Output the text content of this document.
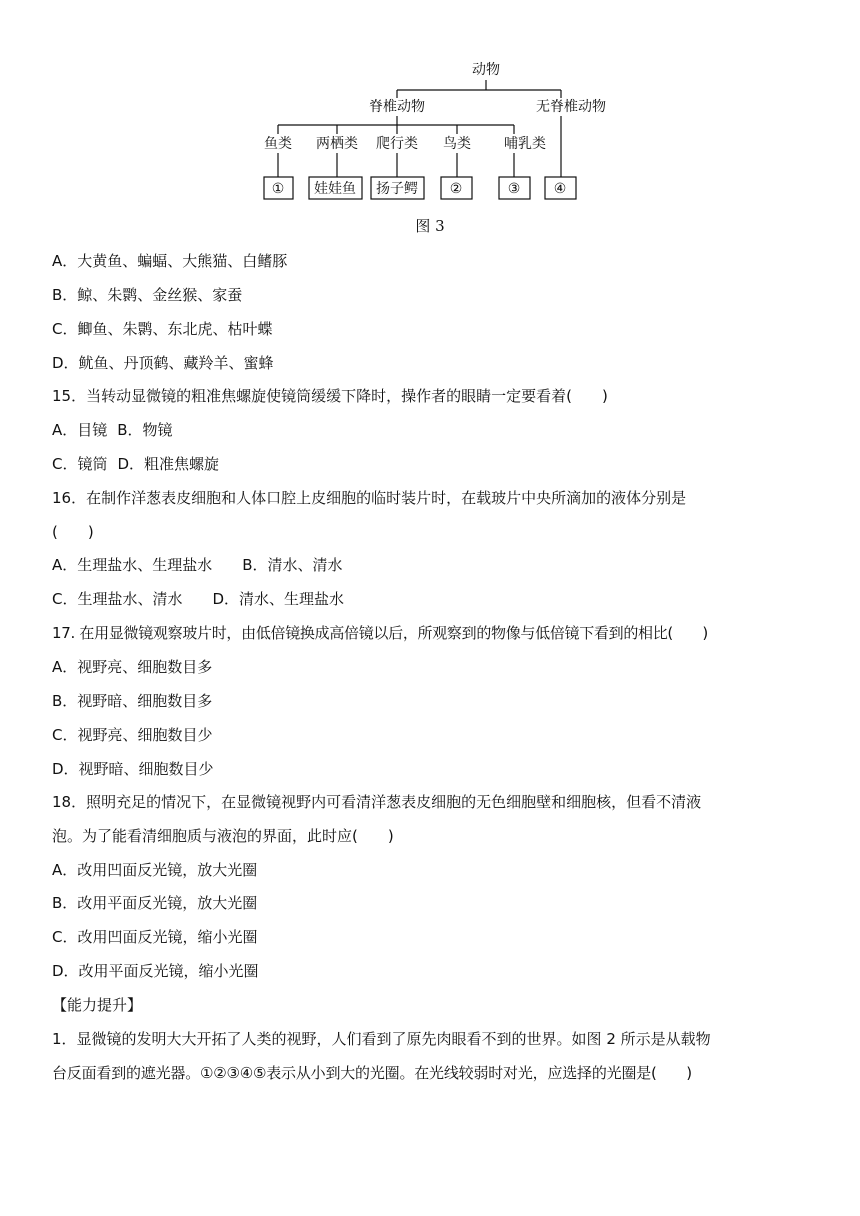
动物
脊椎动物	无脊椎动物
鱼类 两栖类 爬行类 鸟类 哺乳类
① 娃娃鱼 扬子鳄 ②	③ ④
图 3
A．大黄鱼、蝙蝠、大熊猫、白鳍豚
B．鲸、朱鹮、金丝猴、家蚕
C．鲫鱼、朱鹮、东北虎、枯叶蝶
D．鱿鱼、丹顶鹤、藏羚羊、蜜蜂
15．当转动显微镜的粗准焦螺旋使镜筒缓缓下降时，操作者的眼睛一定要看着(　　)
A．目镜 B．物镜
C．镜筒 D．粗准焦螺旋
16．在制作洋葱表皮细胞和人体口腔上皮细胞的临时装片时，在载玻片中央所滴加的液体分别是
(　　)
A．生理盐水、生理盐水 B．清水、清水
C．生理盐水、清水 D．清水、生理盐水
17. 在用显微镜观察玻片时，由低倍镜换成高倍镜以后，所观察到的物像与低倍镜下看到的相比(　　)
A．视野亮、细胞数目多
B．视野暗、细胞数目多
C．视野亮、细胞数目少
D．视野暗、细胞数目少
18．照明充足的情况下，在显微镜视野内可看清洋葱表皮细胞的无色细胞壁和细胞核，但看不清液
泡。为了能看清细胞质与液泡的界面，此时应(　　)
A．改用凹面反光镜，放大光圈
B．改用平面反光镜，放大光圈
C．改用凹面反光镜，缩小光圈
D．改用平面反光镜，缩小光圈
【能力提升】
1．显微镜的发明大大开拓了人类的视野，人们看到了原先肉眼看不到的世界。如图 2 所示是从载物
台反面看到的遮光器。①②③④⑤表示从小到大的光圈。在光线较弱时对光，应选择的光圈是(　　)
